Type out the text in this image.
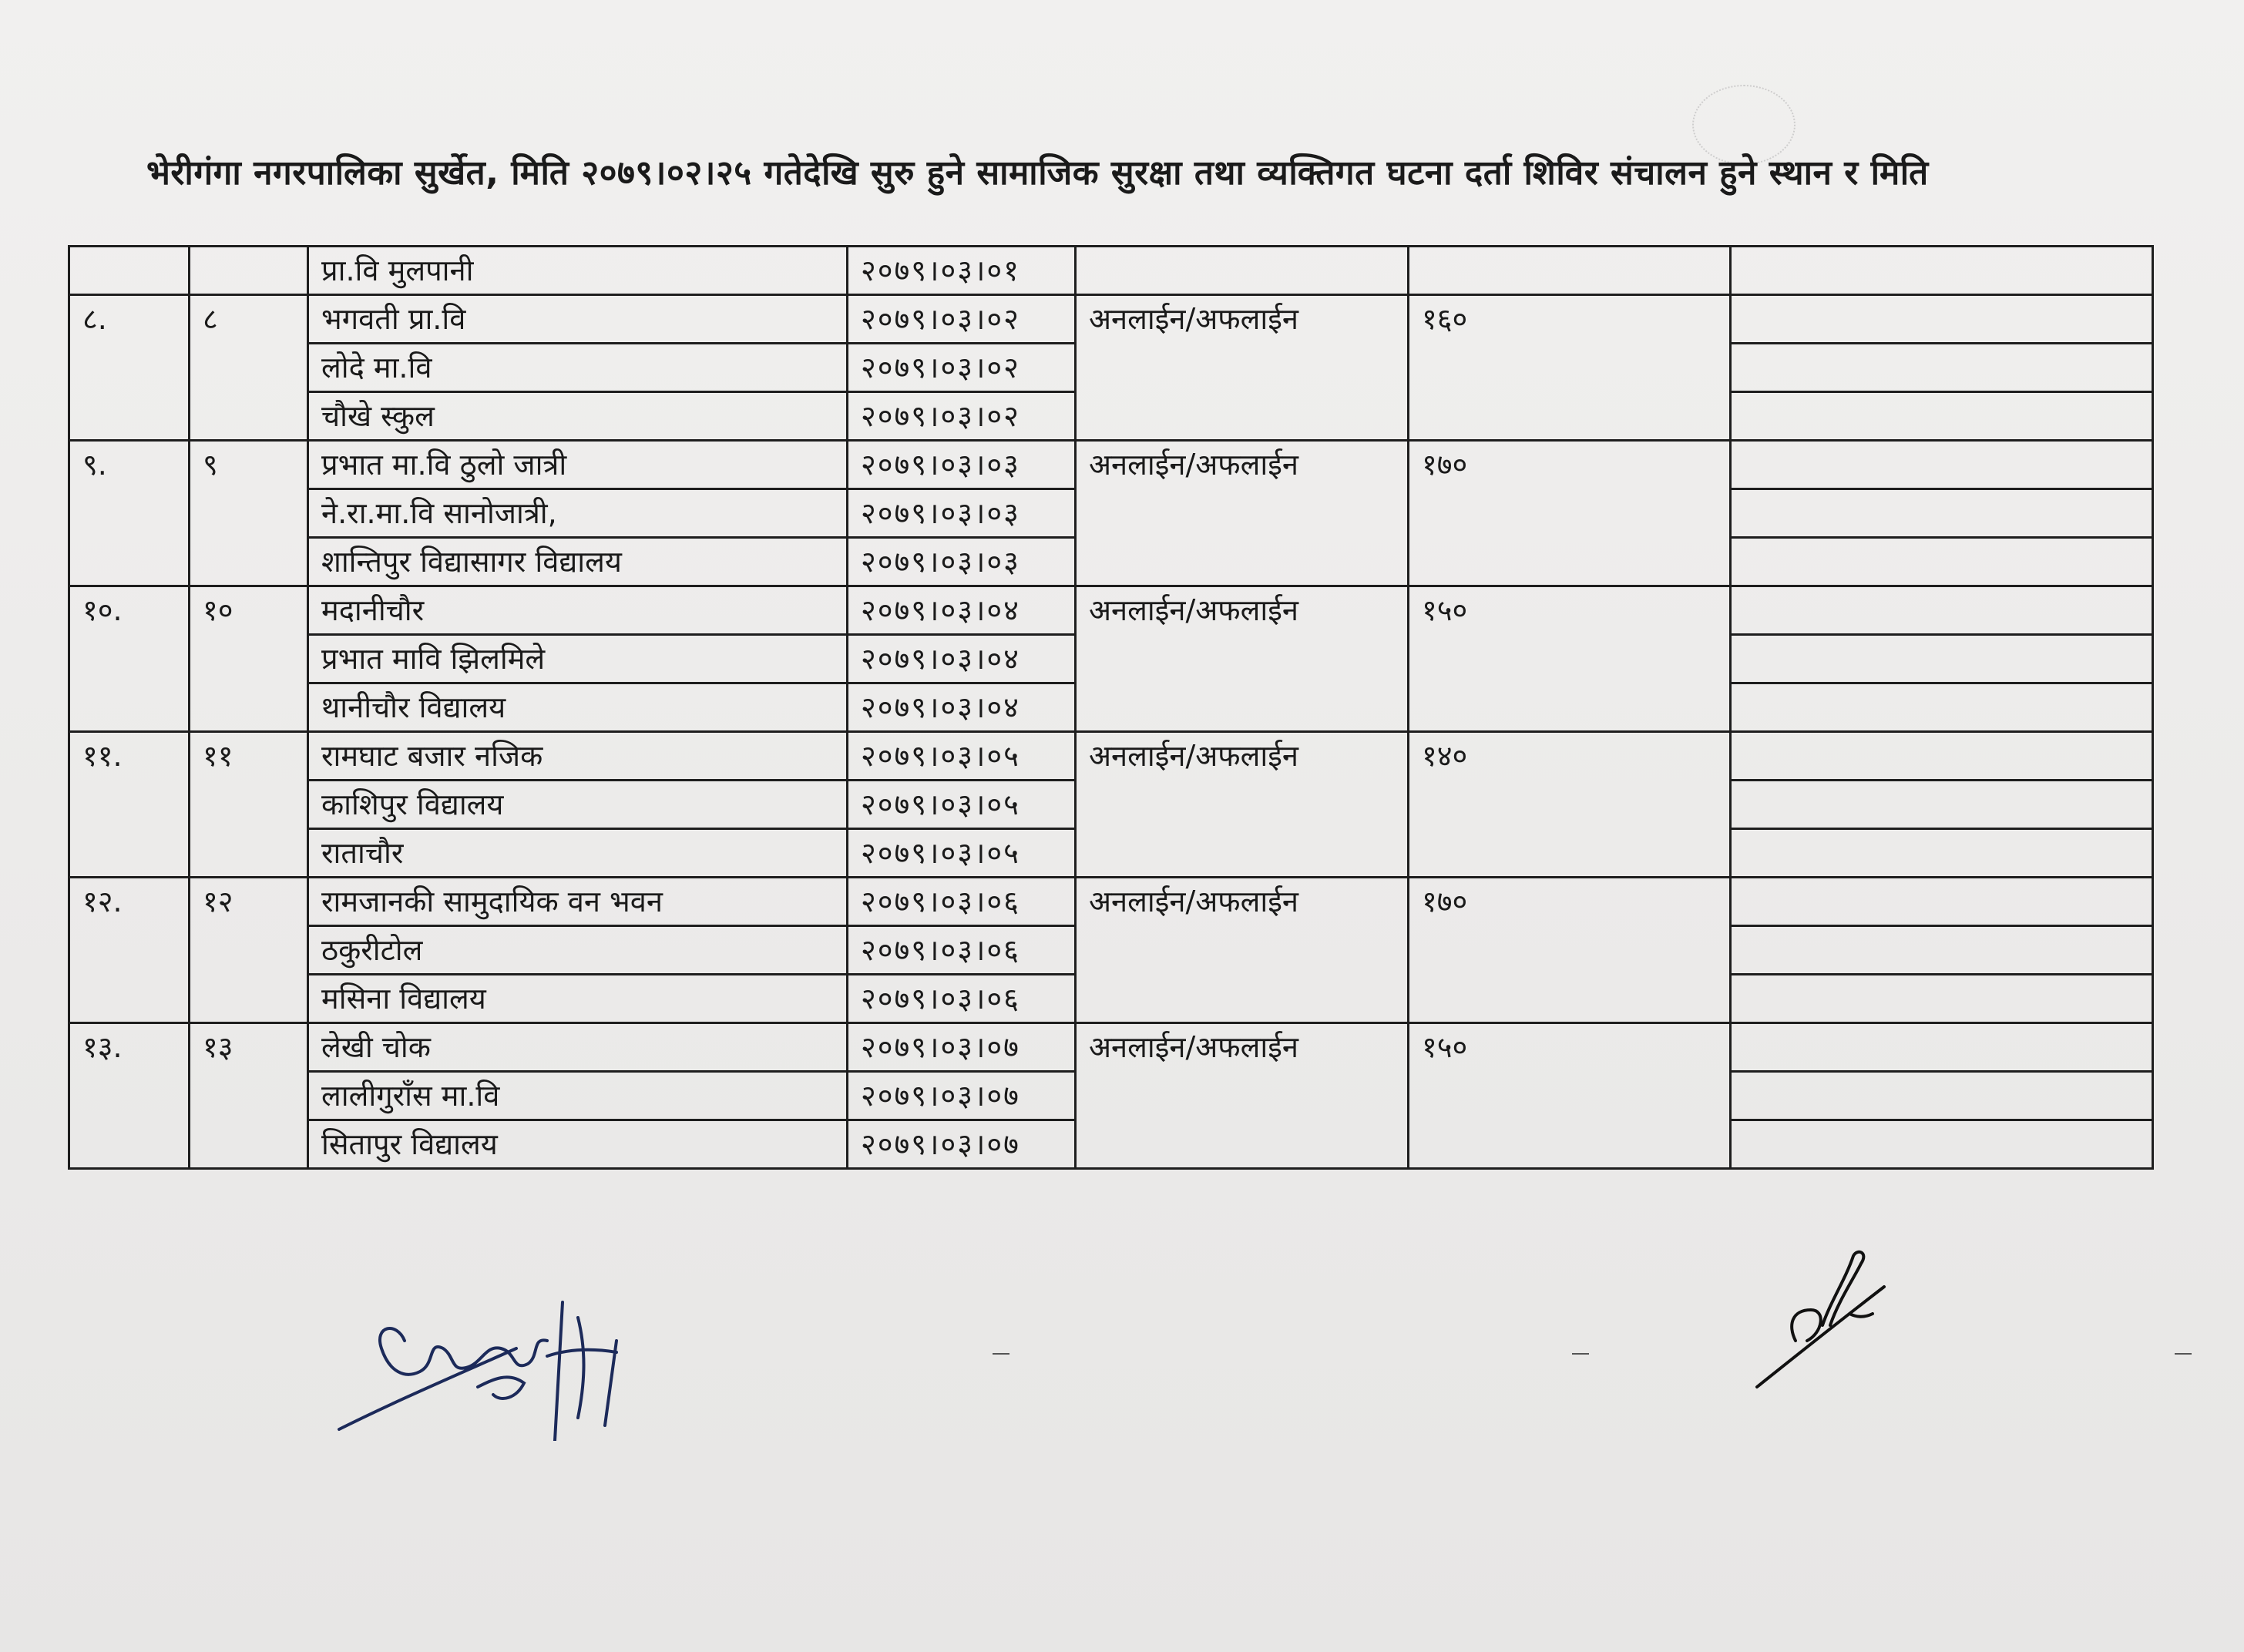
भेरीगंगा नगरपालिका सुर्खेत, मिति २०७९।०२।२५ गतेदेखि सुरु हुने सामाजिक सुरक्षा तथा व्यक्तिगत घटना दर्ता शिविर संचालन हुने स्थान र मिति
		प्रा.वि मुलपानी	२०७९।०३।०१			
८.	८	भगवती प्रा.वि	२०७९।०३।०२	अनलाईन/अफलाईन	१६०	
		लोदे मा.वि	२०७९।०३।०२			
		चौखे स्कुल	२०७९।०३।०२			
९.	९	प्रभात मा.वि ठुलो जात्री	२०७९।०३।०३	अनलाईन/अफलाईन	१७०	
		ने.रा.मा.वि सानोजात्री,	२०७९।०३।०३			
		शान्तिपुर विद्यासागर विद्यालय	२०७९।०३।०३			
१०.	१०	मदानीचौर	२०७९।०३।०४	अनलाईन/अफलाईन	१५०	
		प्रभात मावि झिलमिले	२०७९।०३।०४			
		थानीचौर विद्यालय	२०७९।०३।०४			
११.	११	रामघाट बजार नजिक	२०७९।०३।०५	अनलाईन/अफलाईन	१४०	
		काशिपुर विद्यालय	२०७९।०३।०५			
		राताचौर	२०७९।०३।०५			
१२.	१२	रामजानकी सामुदायिक वन भवन	२०७९।०३।०६	अनलाईन/अफलाईन	१७०	
		ठकुरीटोल	२०७९।०३।०६			
		मसिना विद्यालय	२०७९।०३।०६			
१३.	१३	लेखी चोक	२०७९।०३।०७	अनलाईन/अफलाईन	१५०	
		लालीगुराँस मा.वि	२०७९।०३।०७			
		सितापुर विद्यालय	२०७९।०३।०७			
